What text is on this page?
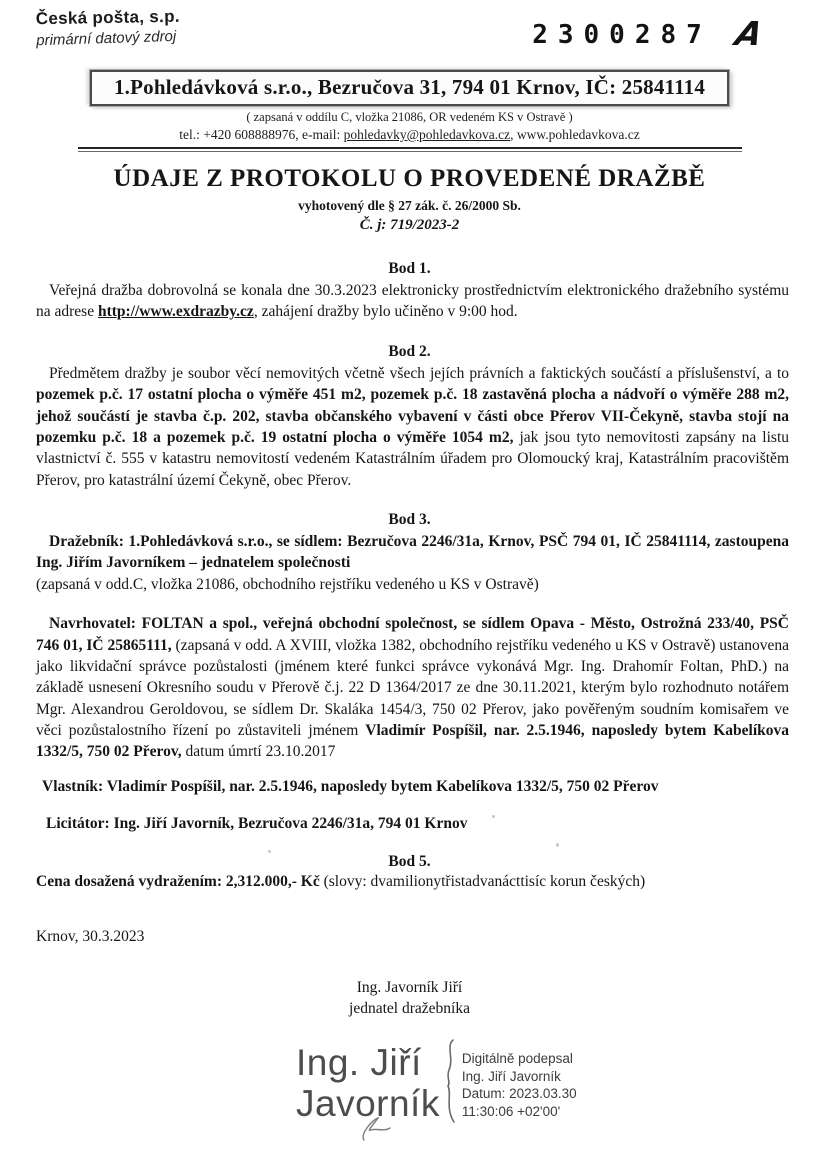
Česká pošta, s.p.
primární datový zdroj	2300287 A
1.Pohledávková s.r.o., Bezručova 31, 794 01 Krnov, IČ: 25841114
( zapsaná v oddílu C, vložka 21086, OR vedeném KS v Ostravě )
tel.: +420 608888976, e-mail: pohledavky@pohledavkova.cz, www.pohledavkova.cz
ÚDAJE Z PROTOKOLU O PROVEDENÉ DRAŽBĚ
vyhotovený dle § 27 zák. č. 26/2000 Sb.
Č. j: 719/2023-2
Bod 1.

Veřejná dražba dobrovolná se konala dne 30.3.2023 elektronicky prostřednictvím elektronického dražebního systému na adrese http://www.exdrazby.cz, zahájení dražby bylo učiněno v 9:00 hod.

Bod 2.

Předmětem dražby je soubor věcí nemovitých včetně všech jejích právních a faktických součástí a příslušenství, a to pozemek p.č. 17 ostatní plocha o výměře 451 m2, pozemek p.č. 18 zastavěná plocha a nádvoří o výměře 288 m2, jehož součástí je stavba č.p. 202, stavba občanského vybavení v části obce Přerov VII-Čekyně, stavba stojí na pozemku p.č. 18 a pozemek p.č. 19 ostatní plocha o výměře 1054 m2, jak jsou tyto nemovitosti zapsány na listu vlastnictví č. 555 v katastru nemovitostí vedeném Katastrálním úřadem pro Olomoucký kraj, Katastrálním pracovištěm Přerov, pro katastrální území Čekyně, obec Přerov.

Bod 3.

Dražebník: 1.Pohledávková s.r.o., se sídlem: Bezručova 2246/31a, Krnov, PSČ 794 01, IČ 25841114, zastoupena Ing. Jiřím Javorníkem – jednatelem společnosti
(zapsaná v odd.C, vložka 21086, obchodního rejstříku vedeného u KS v Ostravě)

Navrhovatel: FOLTAN a spol., veřejná obchodní společnost, se sídlem Opava - Město, Ostrožná 233/40, PSČ 746 01, IČ 25865111, (zapsaná v odd. A XVIII, vložka 1382, obchodního rejstříku vedeného u KS v Ostravě) ustanovena jako likvidační správce pozůstalosti (jménem které funkci správce vykonává Mgr. Ing. Drahomír Foltan, PhD.) na základě usnesení Okresního soudu v Přerově č.j. 22 D 1364/2017 ze dne 30.11.2021, kterým bylo rozhodnuto notářem Mgr. Alexandrou Geroldovou, se sídlem Dr. Skaláka 1454/3, 750 02 Přerov, jako pověřeným soudním komisařem ve věci pozůstalostního řízení po zůstaviteli jménem Vladimír Pospíšil, nar. 2.5.1946, naposledy bytem Kabelíkova 1332/5, 750 02 Přerov, datum úmrtí 23.10.2017

Vlastník: Vladimír Pospíšil, nar. 2.5.1946, naposledy bytem Kabelíkova 1332/5, 750 02 Přerov
Licitátor: Ing. Jiří Javorník, Bezručova 2246/31a, 794 01 Krnov
Bod 5.
Cena dosažená vydražením: 2,312.000,- Kč (slovy: dvamilionytřistadvanácttisíc korun českých)
Krnov, 30.3.2023
Ing. Javorník Jiří
jednatel dražebníka
Ing. Jiří
Javorník
Digitálně podepsal
Ing. Jiří Javorník
Datum: 2023.03.30
11:30:06 +02'00'
